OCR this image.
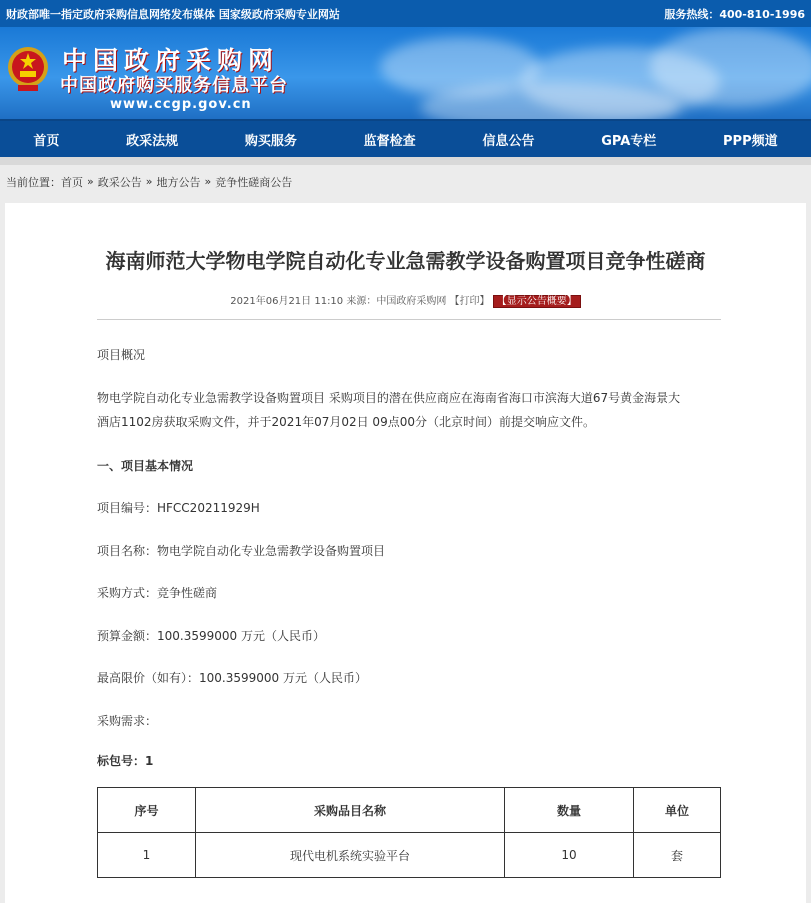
财政部唯一指定政府采购信息网络发布媒体 国家级政府采购专业网站	服务热线：400-810-1996
中国政府采购网
中国政府购买服务信息平台
www.ccgp.gov.cn
首页	政采法规	购买服务	监督检查	信息公告	GPA专栏	PPP频道
当前位置： 首页 » 政采公告 » 地方公告 » 竞争性磋商公告
海南师范大学物电学院自动化专业急需教学设备购置项目竞争性磋商
2021年06月21日 11:10 来源：中国政府采购网 【打印】 【显示公告概要】
项目概况
物电学院自动化专业急需教学设备购置项目 采购项目的潜在供应商应在海南省海口市滨海大道67号黄金海景大
酒店1102房获取采购文件，并于2021年07月02日 09点00分（北京时间）前提交响应文件。
一、项目基本情况
项目编号：HFCC20211929H
项目名称：物电学院自动化专业急需教学设备购置项目
采购方式：竞争性磋商
预算金额：100.3599000 万元（人民币）
最高限价（如有）：100.3599000 万元（人民币）
采购需求：
标包号：1
序号	采购品目名称	数量	单位
1	现代电机系统实验平台	10	套
